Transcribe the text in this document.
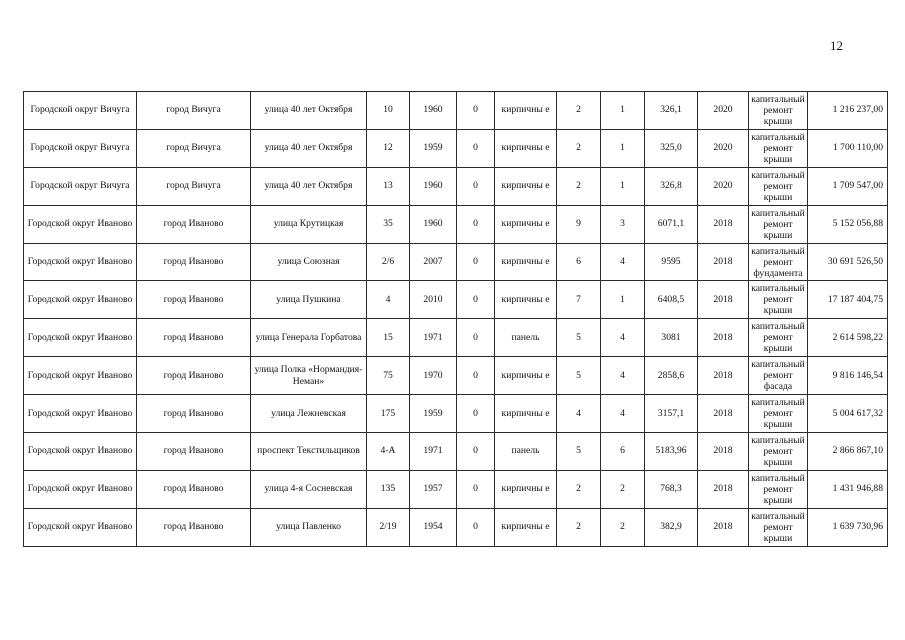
12
Городской округ Вичуга	город Вичуга	улица 40 лет Октября	10	1960	0	кирпичны е	2	1	326,1	2020	капитальный ремонт крыши	1 216 237,00
Городской округ Вичуга	город Вичуга	улица 40 лет Октября	12	1959	0	кирпичны е	2	1	325,0	2020	капитальный ремонт крыши	1 700 110,00
Городской округ Вичуга	город Вичуга	улица 40 лет Октября	13	1960	0	кирпичны е	2	1	326,8	2020	капитальный ремонт крыши	1 709 547,00
Городской округ Иваново	город Иваново	улица Крутицкая	35	1960	0	кирпичны е	9	3	6071,1	2018	капитальный ремонт крыши	5 152 056,88
Городской округ Иваново	город Иваново	улица Союзная	2/6	2007	0	кирпичны е	6	4	9595	2018	капитальный ремонт фундамента	30 691 526,50
Городской округ Иваново	город Иваново	улица Пушкина	4	2010	0	кирпичны е	7	1	6408,5	2018	капитальный ремонт крыши	17 187 404,75
Городской округ Иваново	город Иваново	улица Генерала Горбатова	15	1971	0	панель	5	4	3081	2018	капитальный ремонт крыши	2 614 598,22
Городской округ Иваново	город Иваново	улица Полка «Нормандия-Неман»	75	1970	0	кирпичны е	5	4	2858,6	2018	капитальный ремонт фасада	9 816 146,54
Городской округ Иваново	город Иваново	улица Лежневская	175	1959	0	кирпичны е	4	4	3157,1	2018	капитальный ремонт крыши	5 004 617,32
Городской округ Иваново	город Иваново	проспект Текстильщиков	4-А	1971	0	панель	5	6	5183,96	2018	капитальный ремонт крыши	2 866 867,10
Городской округ Иваново	город Иваново	улица 4-я Сосневская	135	1957	0	кирпичны е	2	2	768,3	2018	капитальный ремонт крыши	1 431 946,88
Городской округ Иваново	город Иваново	улица Павленко	2/19	1954	0	кирпичны е	2	2	382,9	2018	капитальный ремонт крыши	1 639 730,96
